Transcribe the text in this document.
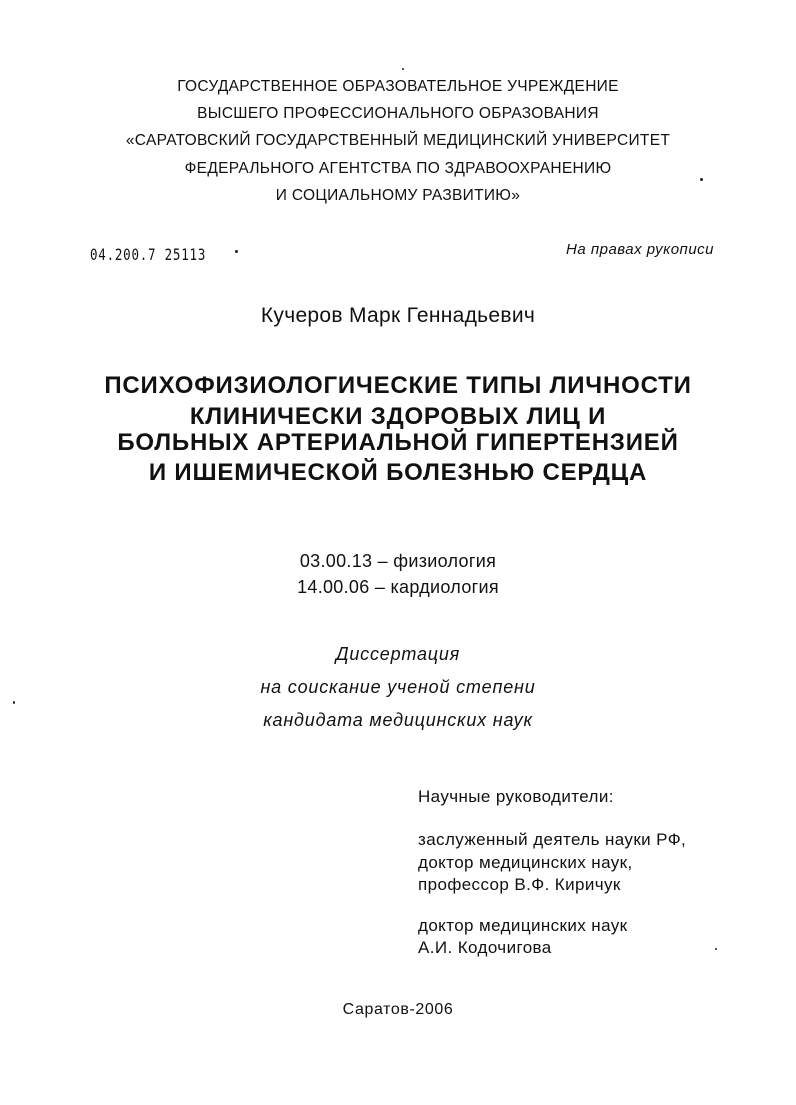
ГОСУДАРСТВЕННОЕ ОБРАЗОВАТЕЛЬНОЕ УЧРЕЖДЕНИЕ
ВЫСШЕГО ПРОФЕССИОНАЛЬНОГО ОБРАЗОВАНИЯ
«САРАТОВСКИЙ ГОСУДАРСТВЕННЫЙ МЕДИЦИНСКИЙ УНИВЕРСИТЕТ
ФЕДЕРАЛЬНОГО АГЕНТСТВА ПО ЗДРАВООХРАНЕНИЮ
И СОЦИАЛЬНОМУ РАЗВИТИЮ»
04.200.7 25113	На правах рукописи
Кучеров Марк Геннадьевич
ПСИХОФИЗИОЛОГИЧЕСКИЕ ТИПЫ ЛИЧНОСТИ
КЛИНИЧЕСКИ ЗДОРОВЫХ ЛИЦ И
БОЛЬНЫХ АРТЕРИАЛЬНОЙ ГИПЕРТЕНЗИЕЙ
И ИШЕМИЧЕСКОЙ БОЛЕЗНЬЮ СЕРДЦА
03.00.13 – физиология
14.00.06 – кардиология
Диссертация
на соискание ученой степени
кандидата медицинских наук
Научные руководители:
заслуженный деятель науки РФ,
доктор медицинских наук,
профессор В.Ф. Киричук
доктор медицинских наук
А.И. Кодочигова
Саратов-2006
